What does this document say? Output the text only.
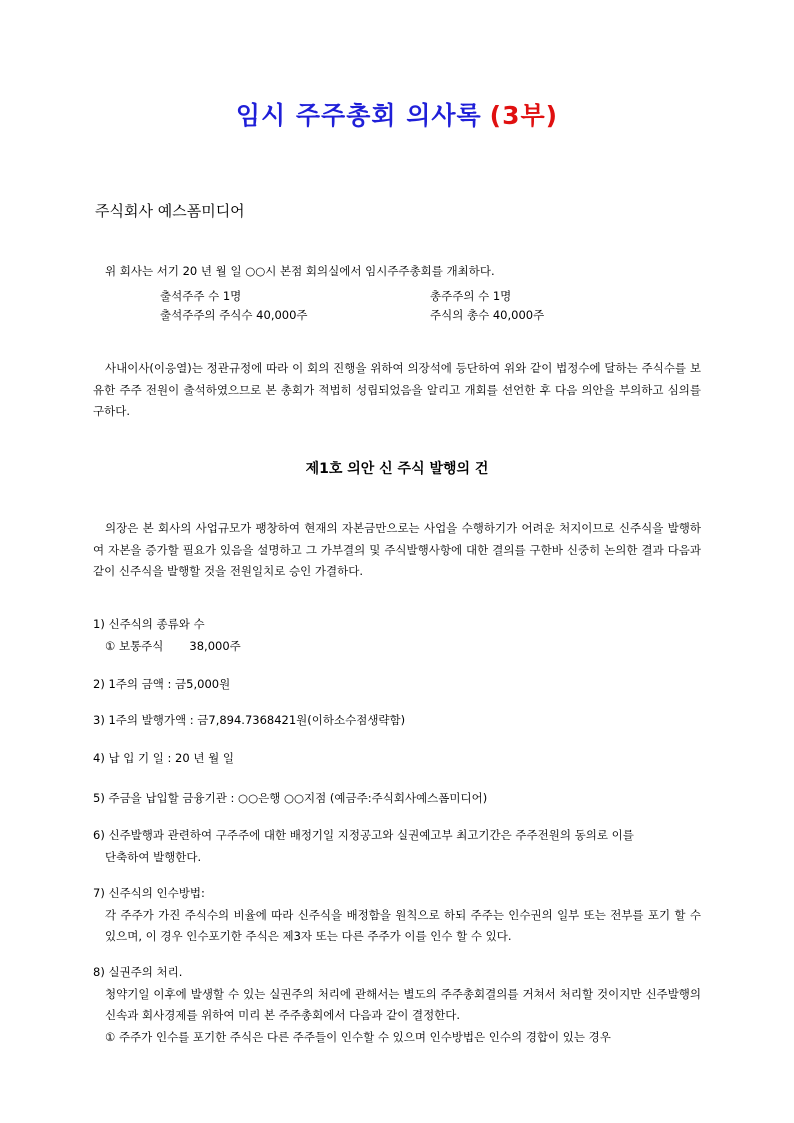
임시 주주총회 의사록 (3부)
주식회사 예스폼미디어
위 회사는 서기 20 년 월 일 ○○시 본점 회의실에서 임시주주총회를 개최하다.
출석주주 수 1명	총주주의 수 1명
출석주주의 주식수 40,000주	주식의 총수 40,000주
사내이사(이응열)는 정관규정에 따라 이 회의 진행을 위하여 의장석에 등단하여 위와 같이 법정수에 달하는 주식수를 보유한 주주 전원이 출석하였으므로 본 총회가 적법히 성립되었음을 알리고 개회를 선언한 후 다음 의안을 부의하고 심의를 구하다.
제1호 의안 신 주식 발행의 건
의장은 본 회사의 사업규모가 팽창하여 현재의 자본금만으로는 사업을 수행하기가 어려운 처지이므로 신주식을 발행하여 자본을 증가할 필요가 있음을 설명하고 그 가부결의 및 주식발행사항에 대한 결의를 구한바 신중히 논의한 결과 다음과 같이 신주식을 발행할 것을 전원일치로 승인 가결하다.
1) 신주식의 종류와 수
① 보통주식 38,000주
2) 1주의 금액 : 금5,000원
3) 1주의 발행가액 : 금7,894.7368421원(이하소수점생략함)
4) 납 입 기 일 : 20 년 월 일
5) 주금을 납입할 금융기관 : ○○은행 ○○지점 (예금주:주식회사예스폼미디어)
6) 신주발행과 관련하여 구주주에 대한 배정기일 지정공고와 실권예고부 최고기간은 주주전원의 동의로 이를
단축하여 발행한다.
7) 신주식의 인수방법:
각 주주가 가진 주식수의 비율에 따라 신주식을 배정함을 원칙으로 하되 주주는 인수권의 일부 또는 전부를 포기 할 수 있으며, 이 경우 인수포기한 주식은 제3자 또는 다른 주주가 이를 인수 할 수 있다.
8) 실권주의 처리.
청약기일 이후에 발생할 수 있는 실권주의 처리에 관해서는 별도의 주주총회결의를 거쳐서 처리할 것이지만 신주발행의 신속과 회사경제를 위하여 미리 본 주주총회에서 다음과 같이 결정한다.
① 주주가 인수를 포기한 주식은 다른 주주들이 인수할 수 있으며 인수방법은 인수의 경합이 있는 경우
